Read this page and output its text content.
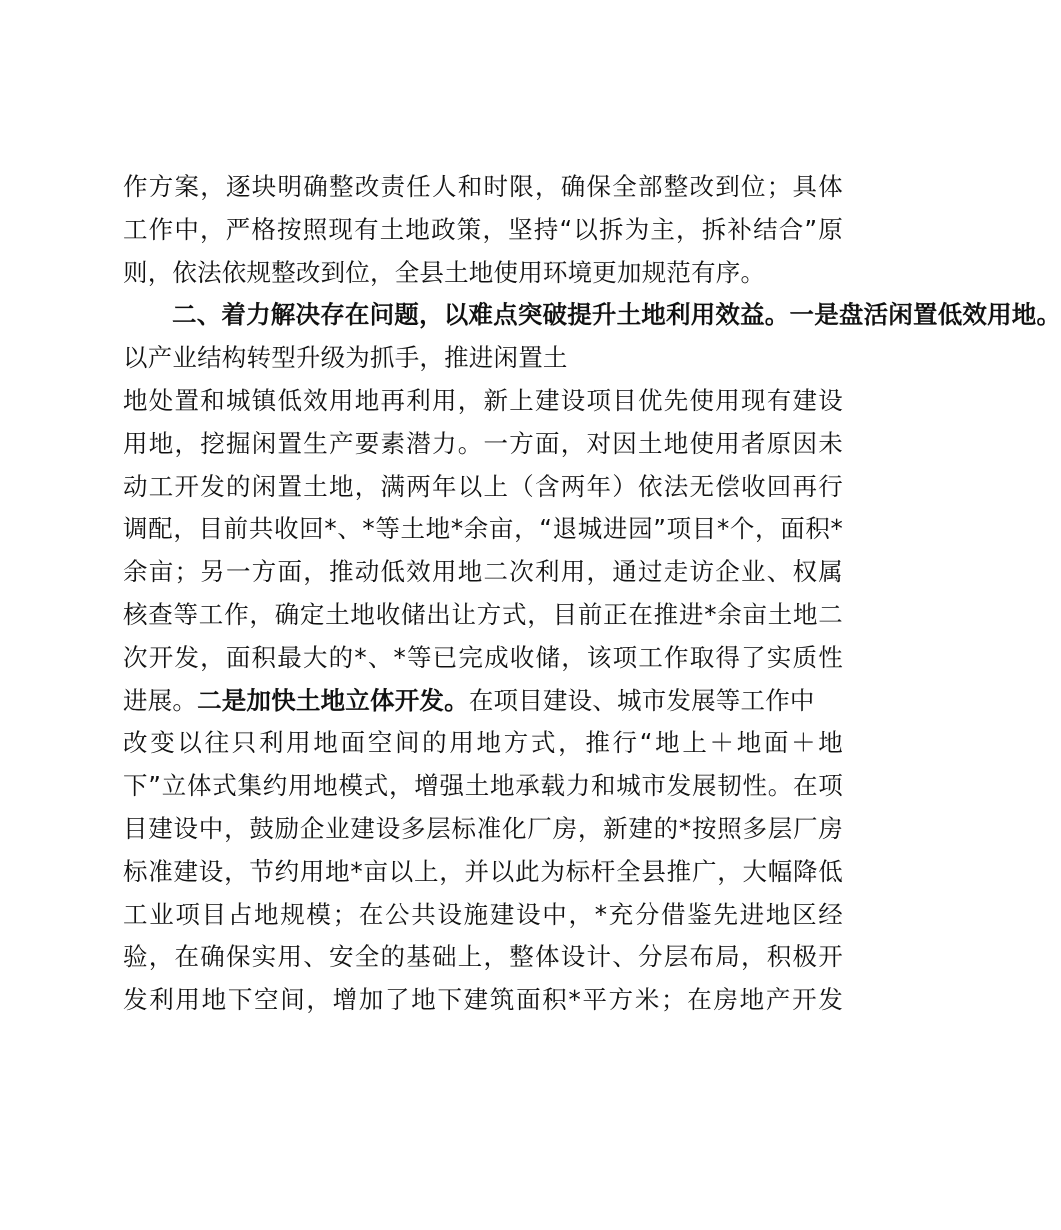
作方案，逐块明确整改责任人和时限，确保全部整改到位；具体
工作中，严格按照现有土地政策，坚持“以拆为主，拆补结合”原
则，依法依规整改到位，全县土地使用环境更加规范有序。
二、着力解决存在问题，以难点突破提升土地利用效益。一是盘活闲置低效用地。
以产业结构转型升级为抓手，推进闲置土
地处置和城镇低效用地再利用，新上建设项目优先使用现有建设
用地，挖掘闲置生产要素潜力。一方面，对因土地使用者原因未
动工开发的闲置土地，满两年以上（含两年）依法无偿收回再行
调配，目前共收回*、*等土地*余亩，“退城进园”项目*个，面积*
余亩；另一方面，推动低效用地二次利用，通过走访企业、权属
核查等工作，确定土地收储出让方式，目前正在推进*余亩土地二
次开发，面积最大的*、*等已完成收储，该项工作取得了实质性
进展。二是加快土地立体开发。在项目建设、城市发展等工作中
改变以往只利用地面空间的用地方式，推行“地上＋地面＋地
下”立体式集约用地模式，增强土地承载力和城市发展韧性。在项
目建设中，鼓励企业建设多层标准化厂房，新建的*按照多层厂房
标准建设，节约用地*亩以上，并以此为标杆全县推广，大幅降低
工业项目占地规模；在公共设施建设中，*充分借鉴先进地区经
验，在确保实用、安全的基础上，整体设计、分层布局，积极开
发利用地下空间，增加了地下建筑面积*平方米；在房地产开发
